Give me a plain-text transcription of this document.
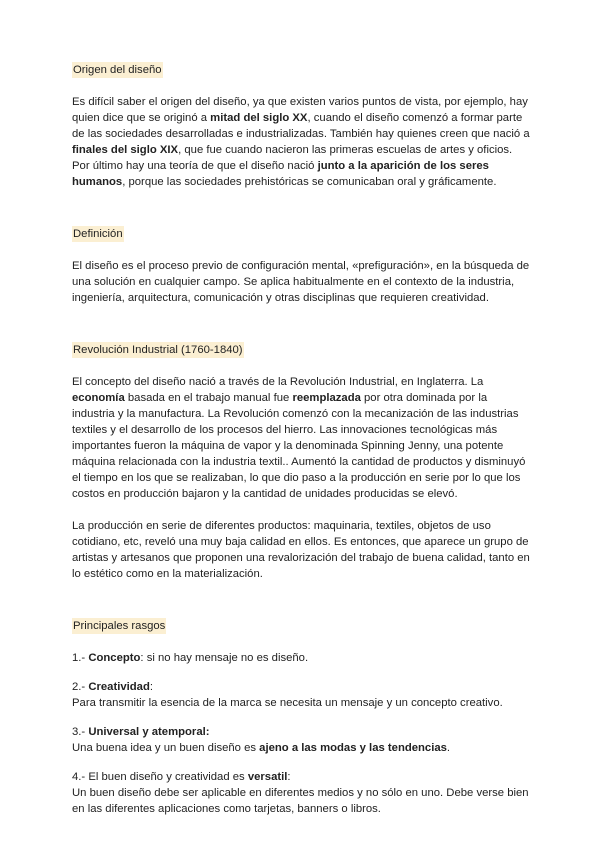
Origen del diseño

Es difícil saber el origen del diseño, ya que existen varios puntos de vista, por ejemplo, hay quien dice que se originó a mitad del siglo XX, cuando el diseño comenzó a formar parte de las sociedades desarrolladas e industrializadas. También hay quienes creen que nació a finales del siglo XIX, que fue cuando nacieron las primeras escuelas de artes y oficios. Por último hay una teoría de que el diseño nació junto a la aparición de los seres humanos, porque las sociedades prehistóricas se comunicaban oral y gráficamente.

Definición

El diseño es el proceso previo de configuración mental, «prefiguración», en la búsqueda de una solución en cualquier campo. Se aplica habitualmente en el contexto de la industria, ingeniería, arquitectura, comunicación y otras disciplinas que requieren creatividad.

Revolución Industrial (1760-1840)

El concepto del diseño nació a través de la Revolución Industrial, en Inglaterra. La economía basada en el trabajo manual fue reemplazada por otra dominada por la industria y la manufactura. La Revolución comenzó con la mecanización de las industrias textiles y el desarrollo de los procesos del hierro. Las innovaciones tecnológicas más importantes fueron la máquina de vapor y la denominada Spinning Jenny, una potente máquina relacionada con la industria textil.. Aumentó la cantidad de productos y disminuyó el tiempo en los que se realizaban, lo que dio paso a la producción en serie por lo que los costos en producción bajaron y la cantidad de unidades producidas se elevó.

La producción en serie de diferentes productos: maquinaria, textiles, objetos de uso cotidiano, etc, reveló una muy baja calidad en ellos. Es entonces, que aparece un grupo de artistas y artesanos que proponen una revalorización del trabajo de buena calidad, tanto en lo estético como en la materialización.

Principales rasgos

1.- Concepto: si no hay mensaje no es diseño.

2.- Creatividad:

Para transmitir la esencia de la marca se necesita un mensaje y un concepto creativo.

3.- Universal y atemporal:

Una buena idea y un buen diseño es ajeno a las modas y las tendencias.

4.- El buen diseño y creatividad es versatil:

Un buen diseño debe ser aplicable en diferentes medios y no sólo en uno. Debe verse bien en las diferentes aplicaciones como tarjetas, banners o libros.
